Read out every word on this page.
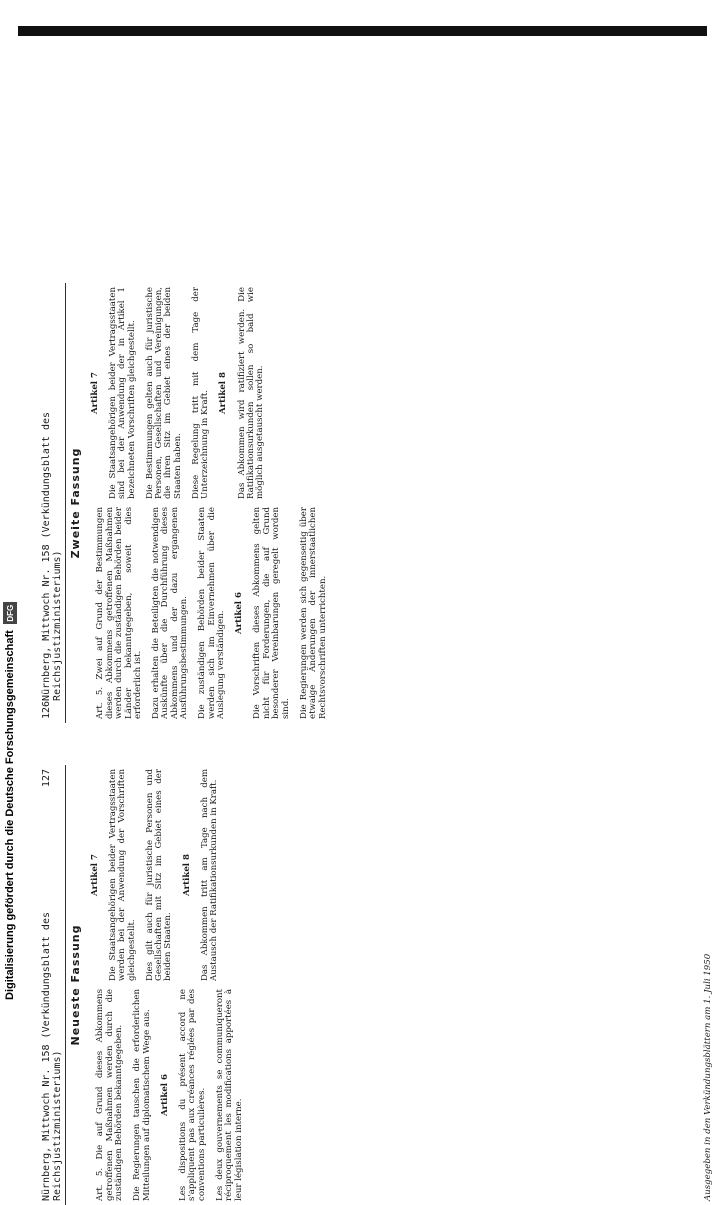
126
Nürnberg, Mittwoch Nr. 158 (Verkündungsblatt des Reichsjustizministeriums)
Zweite Fassung

Art. 5. Zwei auf Grund der Bestimmungen dieses Abkommens getroffenen Maßnahmen werden durch die zuständigen Behörden beider Länder bekanntgegeben, soweit dies erforderlich ist. Dazu erhalten die Beteiligten die notwendigen Auskünfte über die Durchführung dieses Abkommens und der dazu ergangenen Ausführungsbestimmungen. Die zuständigen Behörden beider Staaten werden sich im Einvernehmen über die Auslegung verständigen. Artikel 6 Die Vorschriften dieses Abkommens gelten nicht für Forderungen, die auf Grund besonderer Vereinbarungen geregelt worden sind. Die Regierungen werden sich gegenseitig über etwaige Änderungen der innerstaatlichen Rechtsvorschriften unterrichten.

Artikel 7 Die Staatsangehörigen beider Vertragsstaaten sind bei der Anwendung der in Artikel 1 bezeichneten Vorschriften gleichgestellt. Die Bestimmungen gelten auch für juristische Personen, Gesellschaften und Vereinigungen, die ihren Sitz im Gebiet eines der beiden Staaten haben. Diese Regelung tritt mit dem Tage der Unterzeichnung in Kraft. Artikel 8 Das Abkommen wird ratifiziert werden. Die Ratifikationsurkunden sollen so bald wie möglich ausgetauscht werden.

Nürnberg, Mittwoch Nr. 158 (Verkündungsblatt des Reichsjustizministeriums)
127
Neueste Fassung

Art. 5. Die auf Grund dieses Abkommens getroffenen Maßnahmen werden durch die zuständigen Behörden bekanntgegeben. Die Regierungen tauschen die erforderlichen Mitteilungen auf diplomatischem Wege aus. Artikel 6 Les dispositions du présent accord ne s'appliquent pas aux créances réglées par des conventions particulières. Les deux gouvernements se communiqueront réciproquement les modifications apportées à leur législation interne.

Artikel 7 Die Staatsangehörigen beider Vertragsstaaten werden bei der Anwendung der Vorschriften gleichgestellt. Dies gilt auch für juristische Personen und Gesellschaften mit Sitz im Gebiet eines der beiden Staaten.

Artikel 8 Das Abkommen tritt am Tage nach dem Austausch der Ratifikationsurkunden in Kraft.

Ausgegeben in den Verkündungsblättern am 1. Juli 1950
Digitalisierung gefördert durch die Deutsche Forschungsgemeinschaft
DFG
